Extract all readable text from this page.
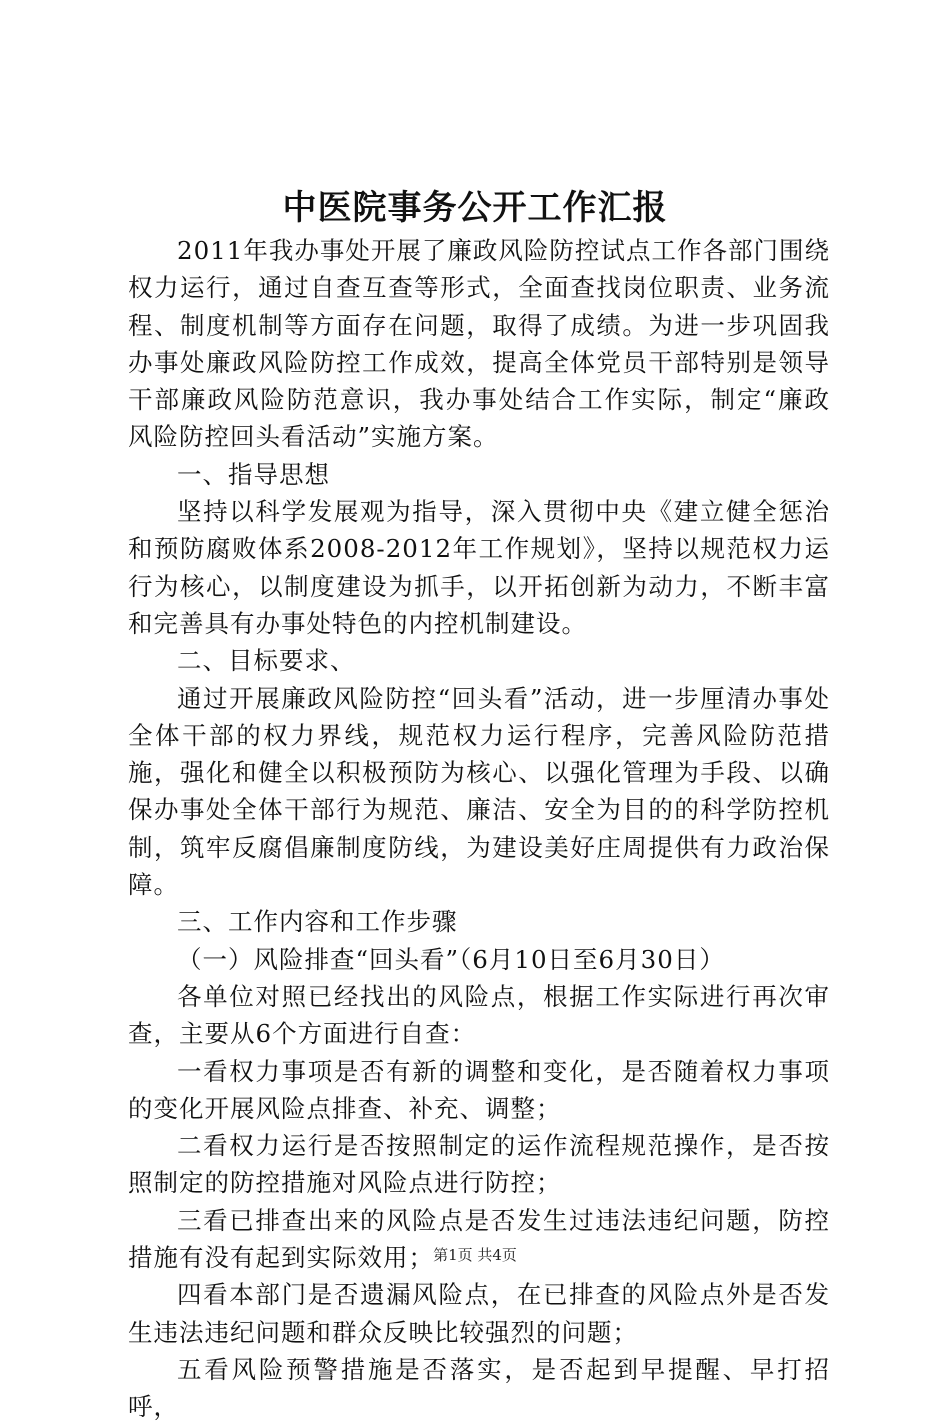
中医院事务公开工作汇报

2011年我办事处开展了廉政风险防控试点工作各部门围绕权力运行，通过自查互查等形式，全面查找岗位职责、业务流程、制度机制等方面存在问题，取得了成绩。为进一步巩固我办事处廉政风险防控工作成效，提高全体党员干部特别是领导干部廉政风险防范意识，我办事处结合工作实际，制定“廉政风险防控回头看活动”实施方案。

一、指导思想

坚持以科学发展观为指导，深入贯彻中央《建立健全惩治和预防腐败体系2008-2012年工作规划》，坚持以规范权力运行为核心，以制度建设为抓手，以开拓创新为动力，不断丰富和完善具有办事处特色的内控机制建设。

二、目标要求、

通过开展廉政风险防控“回头看”活动，进一步厘清办事处全体干部的权力界线，规范权力运行程序，完善风险防范措施，强化和健全以积极预防为核心、以强化管理为手段、以确保办事处全体干部行为规范、廉洁、安全为目的的科学防控机制，筑牢反腐倡廉制度防线，为建设美好庄周提供有力政治保障。

三、工作内容和工作步骤

（一）风险排查“回头看”（6月10日至6月30日）

各单位对照已经找出的风险点，根据工作实际进行再次审查，主要从6个方面进行自查：

一看权力事项是否有新的调整和变化，是否随着权力事项的变化开展风险点排查、补充、调整；

二看权力运行是否按照制定的运作流程规范操作，是否按照制定的防控措施对风险点进行防控；

三看已排查出来的风险点是否发生过违法违纪问题，防控措施有没有起到实际效用；

四看本部门是否遗漏风险点，在已排查的风险点外是否发生违法违纪问题和群众反映比较强烈的问题；

五看风险预警措施是否落实，是否起到早提醒、早打招呼，

第1页 共4页
